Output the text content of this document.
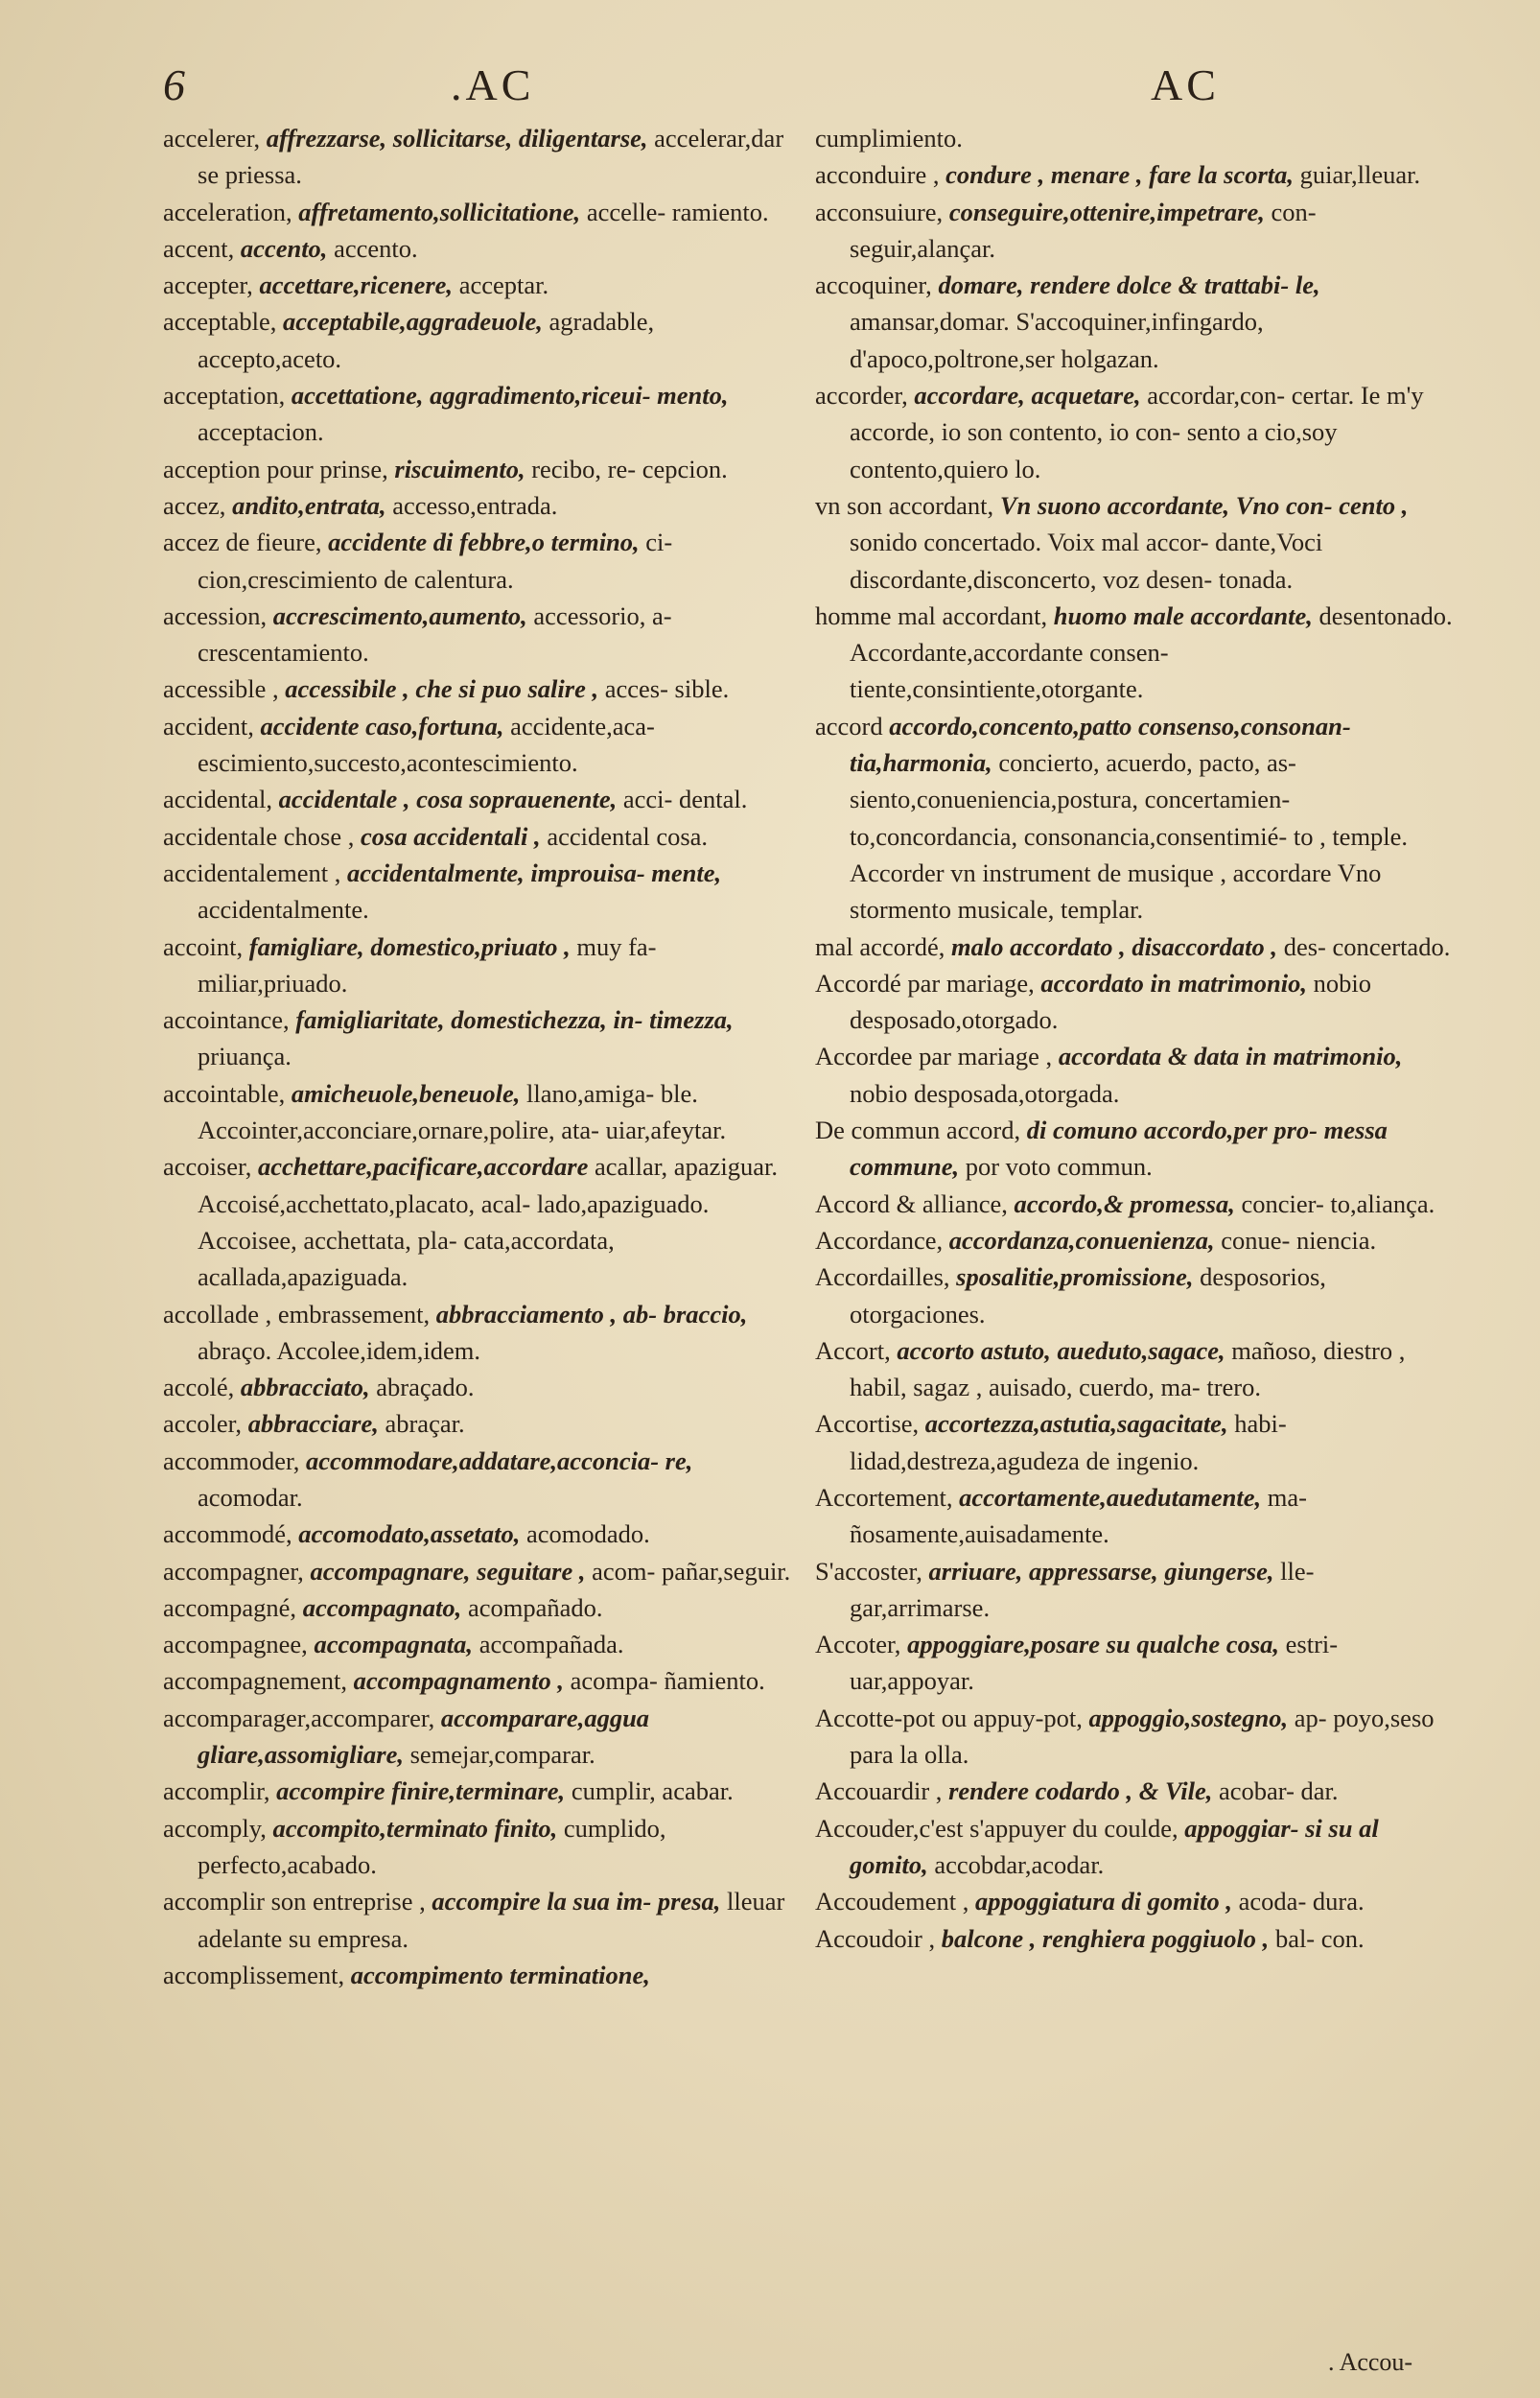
6	.AC	AC

accelerer, affrezzarse, sollicitarse, diligentarse, accelerar,dar se priessa.

acceleration, affretamento,sollicitatione, accelle- ramiento.

accent, accento, accento.

accepter, accettare,ricenere, acceptar.

acceptable, acceptabile,aggradeuole, agradable, accepto,aceto.

acceptation, accettatione, aggradimento,riceui- mento, acceptacion.

acception pour prinse, riscuimento, recibo, re- cepcion.

accez, andito,entrata, accesso,entrada.

accez de fieure, accidente di febbre,o termino, ci- cion,crescimiento de calentura.

accession, accrescimento,aumento, accessorio, a- crescentamiento.

accessible , accessibile , che si puo salire , acces- sible.

accident, accidente caso,fortuna, accidente,aca- escimiento,succesto,acontescimiento.

accidental, accidentale , cosa soprauenente, acci- dental.

accidentale chose , cosa accidentali , accidental cosa.

accidentalement , accidentalmente, improuisa- mente, accidentalmente.

accoint, famigliare, domestico,priuato , muy fa- miliar,priuado.

accointance, famigliaritate, domestichezza, in- timezza, priuança.

accointable, amicheuole,beneuole, llano,amiga- ble. Accointer,acconciare,ornare,polire, ata- uiar,afeytar.

accoiser, acchettare,pacificare,accordare acallar, apaziguar. Accoisé,acchettato,placato, acal- lado,apaziguado. Accoisee, acchettata, pla- cata,accordata, acallada,apaziguada.

accollade , embrassement, abbracciamento , ab- braccio, abraço. Accolee,idem,idem.

accolé, abbracciato, abraçado.

accoler, abbracciare, abraçar.

accommoder, accommodare,addatare,acconcia- re, acomodar.

accommodé, accomodato,assetato, acomodado.

accompagner, accompagnare, seguitare , acom- pañar,seguir.

accompagné, accompagnato, acompañado.

accompagnee, accompagnata, accompañada.

accompagnement, accompagnamento , acompa- ñamiento.

accomparager,accomparer, accomparare,aggua gliare,assomigliare, semejar,comparar.

accomplir, accompire finire,terminare, cumplir, acabar.

accomply, accompito,terminato finito, cumplido, perfecto,acabado.

accomplir son entreprise , accompire la sua im- presa, lleuar adelante su empresa.

accomplissement, accompimento terminatione,

cumplimiento.

acconduire , condure , menare , fare la scorta, guiar,lleuar.

acconsuiure, conseguire,ottenire,impetrare, con- seguir,alançar.

accoquiner, domare, rendere dolce & trattabi- le, amansar,domar. S'accoquiner,infingardo, d'apoco,poltrone,ser holgazan.

accorder, accordare, acquetare, accordar,con- certar. Ie m'y accorde, io son contento, io con- sento a cio,soy contento,quiero lo.

vn son accordant, Vn suono accordante, Vno con- cento , sonido concertado. Voix mal accor- dante,Voci discordante,disconcerto, voz desen- tonada.

homme mal accordant, huomo male accordante, desentonado. Accordante,accordante consen- tiente,consintiente,otorgante.

accord accordo,concento,patto consenso,consonan- tia,harmonia, concierto, acuerdo, pacto, as- siento,conueniencia,postura, concertamien- to,concordancia, consonancia,consentimié- to , temple. Accorder vn instrument de musique , accordare Vno stormento musicale, templar.

mal accordé, malo accordato , disaccordato , des- concertado.

Accordé par mariage, accordato in matrimonio, nobio desposado,otorgado.

Accordee par mariage , accordata & data in matrimonio, nobio desposada,otorgada.

De commun accord, di comuno accordo,per pro- messa commune, por voto commun.

Accord & alliance, accordo,& promessa, concier- to,aliança.

Accordance, accordanza,conuenienza, conue- niencia.

Accordailles, sposalitie,promissione, desposorios, otorgaciones.

Accort, accorto astuto, aueduto,sagace, mañoso, diestro , habil, sagaz , auisado, cuerdo, ma- trero.

Accortise, accortezza,astutia,sagacitate, habi- lidad,destreza,agudeza de ingenio.

Accortement, accortamente,auedutamente, ma- ñosamente,auisadamente.

S'accoster, arriuare, appressarse, giungerse, lle- gar,arrimarse.

Accoter, appoggiare,posare su qualche cosa, estri- uar,appoyar.

Accotte-pot ou appuy-pot, appoggio,sostegno, ap- poyo,seso para la olla.

Accouardir , rendere codardo , & Vile, acobar- dar.

Accouder,c'est s'appuyer du coulde, appoggiar- si su al gomito, accobdar,acodar.

Accoudement , appoggiatura di gomito , acoda- dura.

Accoudoir , balcone , renghiera poggiuolo , bal- con.

. Accou-
